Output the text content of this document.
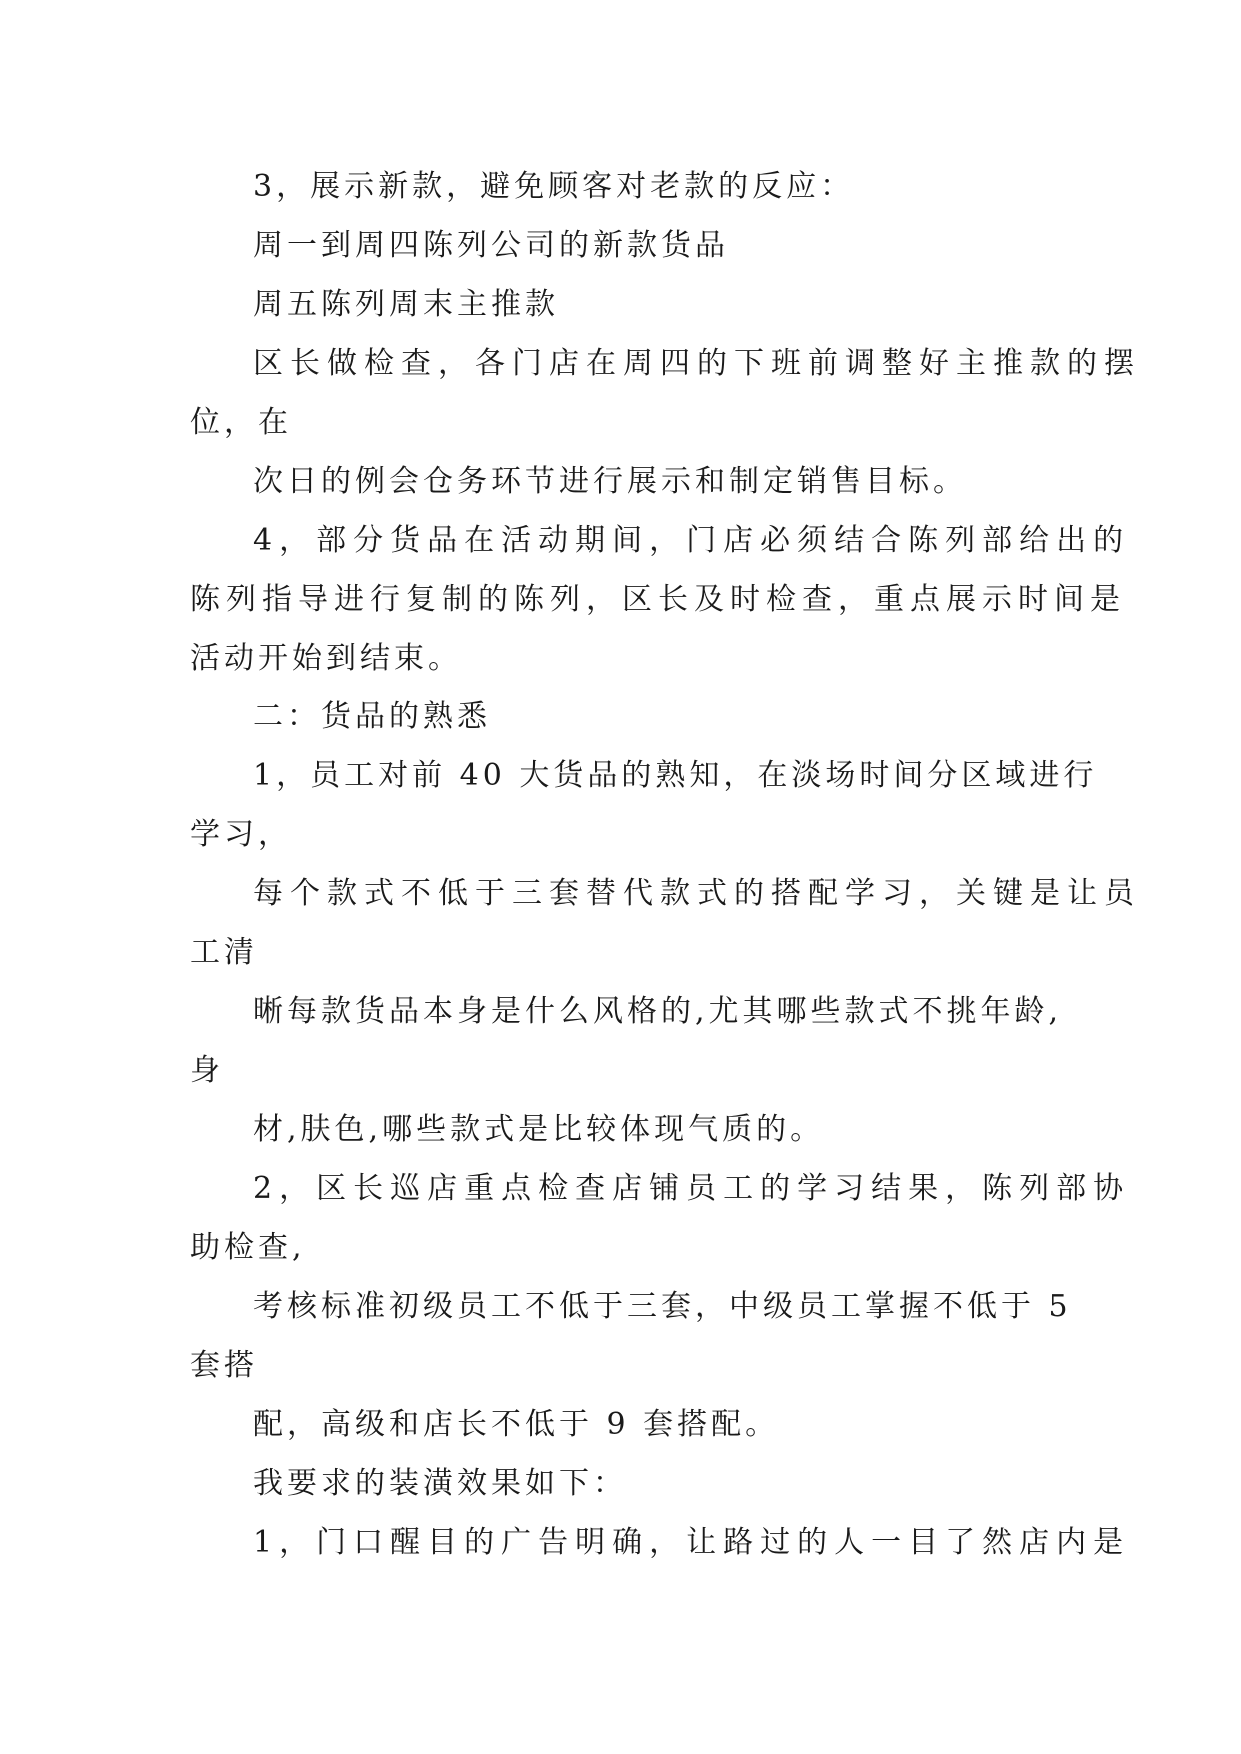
3，展示新款，避免顾客对老款的反应：
周一到周四陈列公司的新款货品
周五陈列周末主推款
区长做检查，各门店在周四的下班前调整好主推款的摆
位，在
次日的例会仓务环节进行展示和制定销售目标。
4，部分货品在活动期间，门店必须结合陈列部给出的
陈列指导进行复制的陈列，区长及时检查，重点展示时间是
活动开始到结束。
二：货品的熟悉
1，员工对前 40 大货品的熟知，在淡场时间分区域进行
学习，
每个款式不低于三套替代款式的搭配学习，关键是让员
工清
晰每款货品本身是什么风格的,尤其哪些款式不挑年龄,
身
材,肤色,哪些款式是比较体现气质的。
2，区长巡店重点检查店铺员工的学习结果，陈列部协
助检查,
考核标准初级员工不低于三套，中级员工掌握不低于 5
套搭
配，高级和店长不低于 9 套搭配。
我要求的装潢效果如下：
1，门口醒目的广告明确，让路过的人一目了然店内是
